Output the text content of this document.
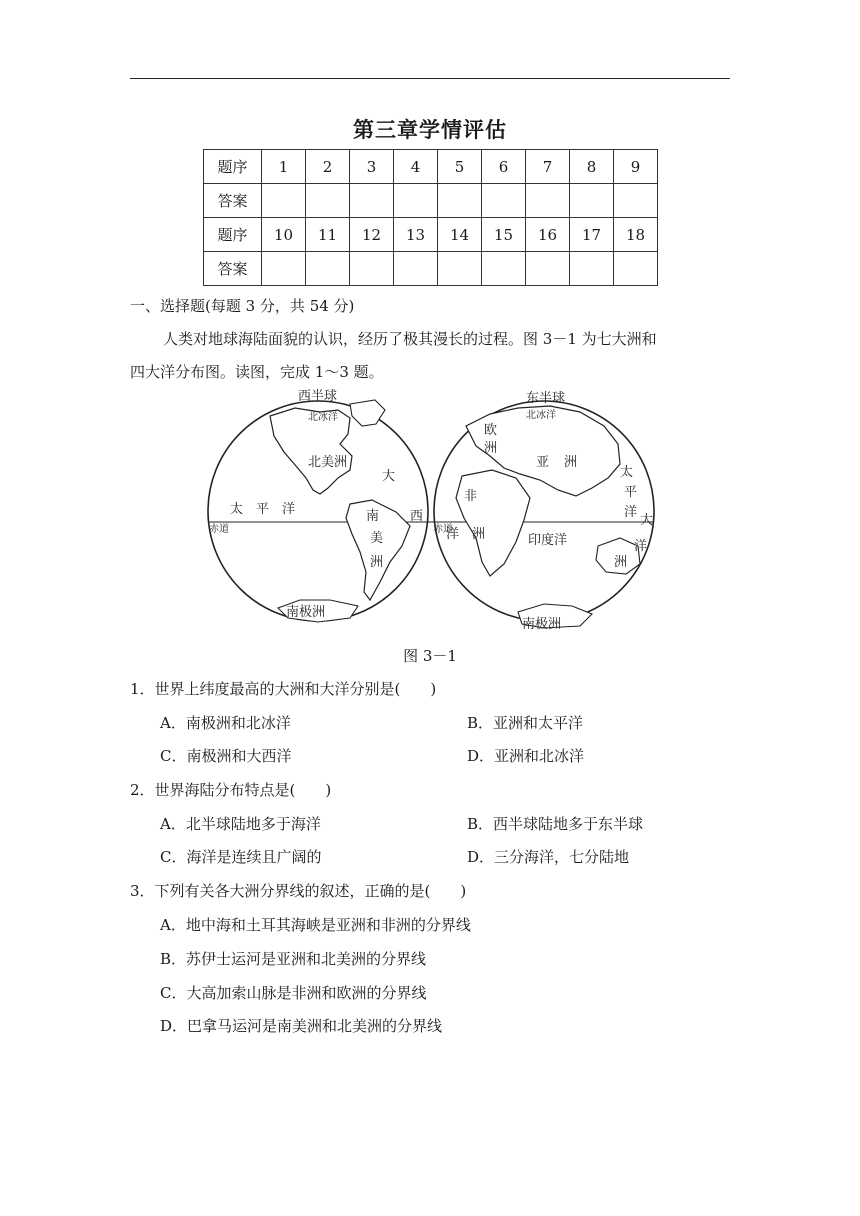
第三章学情评估
题序	1	2	3	4	5	6	7	8	9
答案									
题序	10	11	12	13	14	15	16	17	18
答案									
一、选择题(每题 3 分，共 54 分)
人类对地球海陆面貌的认识，经历了极其漫长的过程。图 3－1 为七大洲和
四大洋分布图。读图，完成 1～3 题。
西半球	东半球
北冰洋
北美洲
大
太 平 洋	南
美
洲
西
南极洲
赤道
北冰洋
欧
洲
亚 洲
非
洲
洋	印度洋
太
平
洋
大
洋
洲
南极洲
赤道
图 3－1
1．世界上纬度最高的大洲和大洋分别是(　　)
A．南极洲和北冰洋	B．亚洲和太平洋
C．南极洲和大西洋	D．亚洲和北冰洋
2．世界海陆分布特点是(　　)
A．北半球陆地多于海洋	B．西半球陆地多于东半球
C．海洋是连续且广阔的	D．三分海洋，七分陆地
3．下列有关各大洲分界线的叙述，正确的是(　　)
A．地中海和土耳其海峡是亚洲和非洲的分界线
B．苏伊士运河是亚洲和北美洲的分界线
C．大高加索山脉是非洲和欧洲的分界线
D．巴拿马运河是南美洲和北美洲的分界线
